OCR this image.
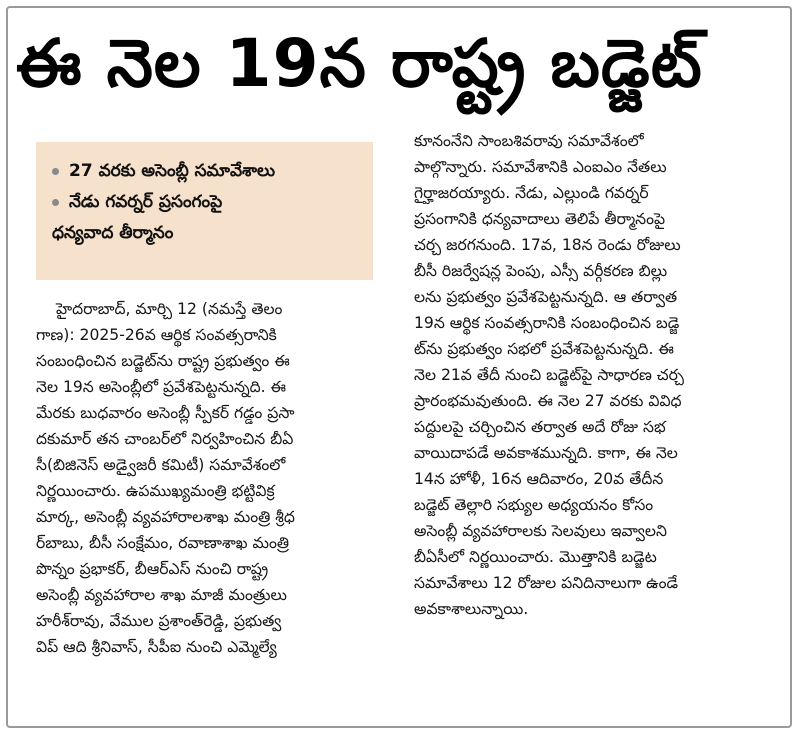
ఈ నెల 19న రాష్ట్ర బడ్జెట్
27 వరకు అసెంబ్లీ సమావేశాలు
నేడు గవర్నర్ ప్రసంగంపై
ధన్యవాద తీర్మానం
హైదరాబాద్, మార్చి 12 (నమస్తే తెలం
గాణ): 2025-26వ ఆర్థిక సంవత్సరానికి
సంబంధించిన బడ్జెట్‌ను రాష్ట్ర ప్రభుత్వం ఈ
నెల 19న అసెంబ్లీలో ప్రవేశపెట్టనున్నది. ఈ
మేరకు బుధవారం అసెంబ్లీ స్పీకర్ గడ్డం ప్రసా
దకుమార్ తన చాంబర్‌లో నిర్వహించిన బీఏ
సీ(బిజినెస్ అడ్వైజరీ కమిటీ) సమావేశంలో
నిర్ణయించారు. ఉపముఖ్యమంత్రి భట్టివిక్ర
మార్క, అసెంబ్లీ వ్యవహారాలశాఖ మంత్రి శ్రీధ
ర్‌బాబు, బీసీ సంక్షేమం, రవాణాశాఖ మంత్రి
పొన్నం ప్రభాకర్, బీఆర్‌ఎస్ నుంచి రాష్ట్ర
అసెంబ్లీ వ్యవహారాల శాఖ మాజీ మంత్రులు
హరీశ్‌రావు, వేముల ప్రశాంత్‌రెడ్డి, ప్రభుత్వ
విప్ ఆది శ్రీనివాస్, సీపీఐ నుంచి ఎమ్మెల్యే
కూనంనేని సాంబశివరావు సమావేశంలో
పాల్గొన్నారు. సమావేశానికి ఎంఐఎం నేతలు
గైర్హాజరయ్యారు. నేడు, ఎల్లుండి గవర్నర్
ప్రసంగానికి ధన్యవాదాలు తెలిపే తీర్మానంపై
చర్చ జరగనుంది. 17వ, 18న రెండు రోజులు
బీసీ రిజర్వేషన్ల పెంపు, ఎస్సీ వర్గీకరణ బిల్లు
లను ప్రభుత్వం ప్రవేశపెట్టనున్నది. ఆ తర్వాత
19న ఆర్థిక సంవత్సరానికి సంబంధించిన బడ్జె
ట్‌ను ప్రభుత్వం సభలో ప్రవేశపెట్టనున్నది. ఈ
నెల 21వ తేదీ నుంచి బడ్జెట్‌పై సాధారణ చర్చ
ప్రారంభమవుతుంది. ఈ నెల 27 వరకు వివిధ
పద్దులపై చర్చించిన తర్వాత అదే రోజు సభ
వాయిదాపడే అవకాశమున్నది. కాగా, ఈ నెల
14న హోళీ, 16న ఆదివారం, 20వ తేదీన
బడ్జెట్ తెల్లారి సభ్యుల అధ్యయనం కోసం
అసెంబ్లీ వ్యవహారాలకు సెలవులు ఇవ్వాలని
బీఏసీలో నిర్ణయించారు. మొత్తానికి బడ్జెట
సమావేశాలు 12 రోజుల పనిదినాలుగా ఉండే
అవకాశాలున్నాయి.
